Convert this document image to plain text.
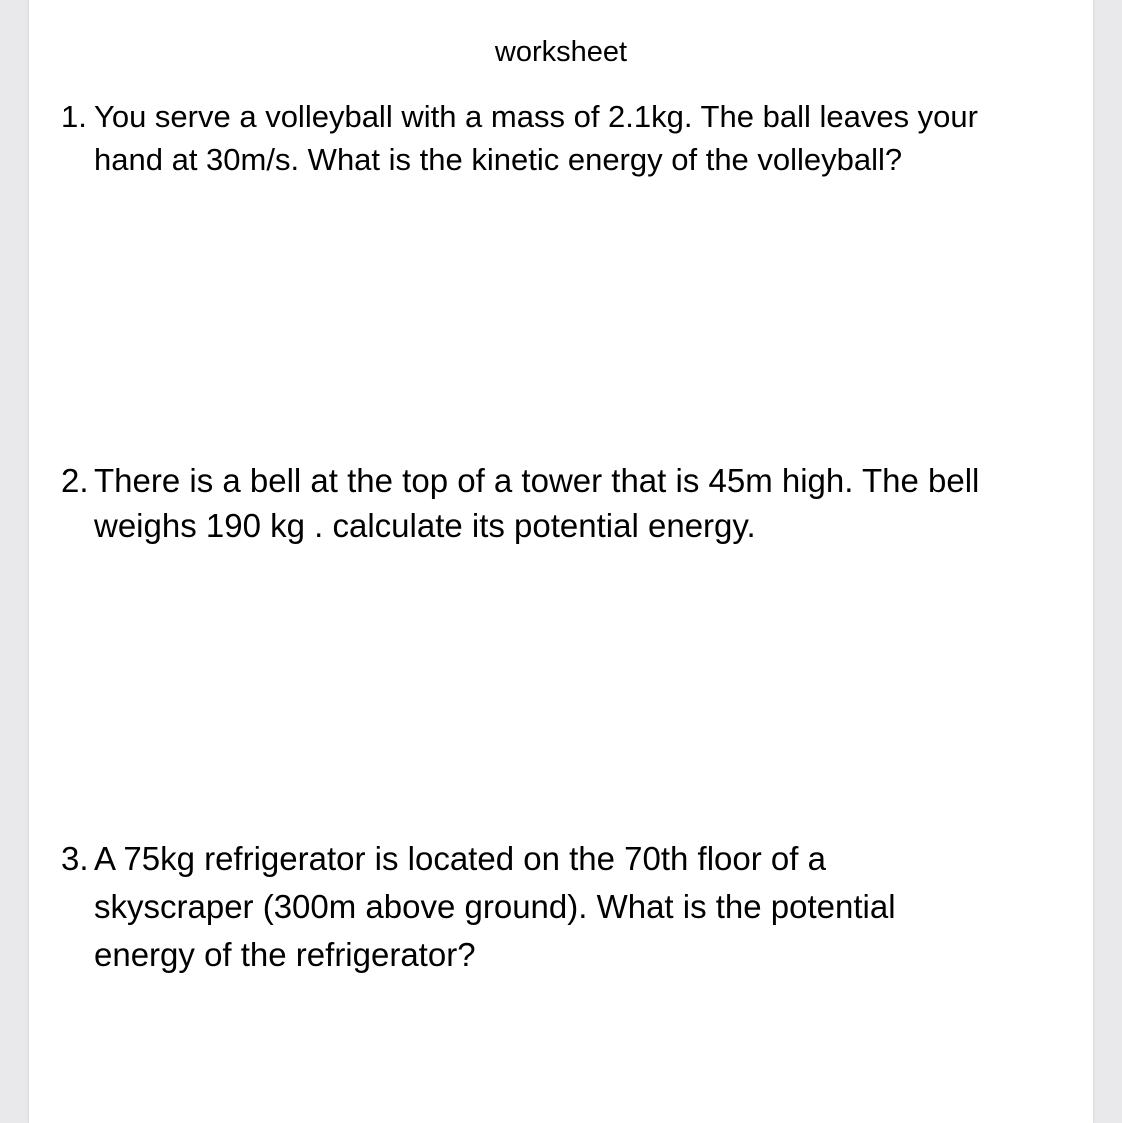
worksheet
1. You serve a volleyball with a mass of 2.1kg. The ball leaves your hand at 30m/s. What is the kinetic energy of the volleyball?

2. There is a bell at the top of a tower that is 45m high. The bell weighs 190 kg . calculate its potential energy.

3. A 75kg refrigerator is located on the 70th floor of a skyscraper (300m above ground). What is the potential energy of the refrigerator?
